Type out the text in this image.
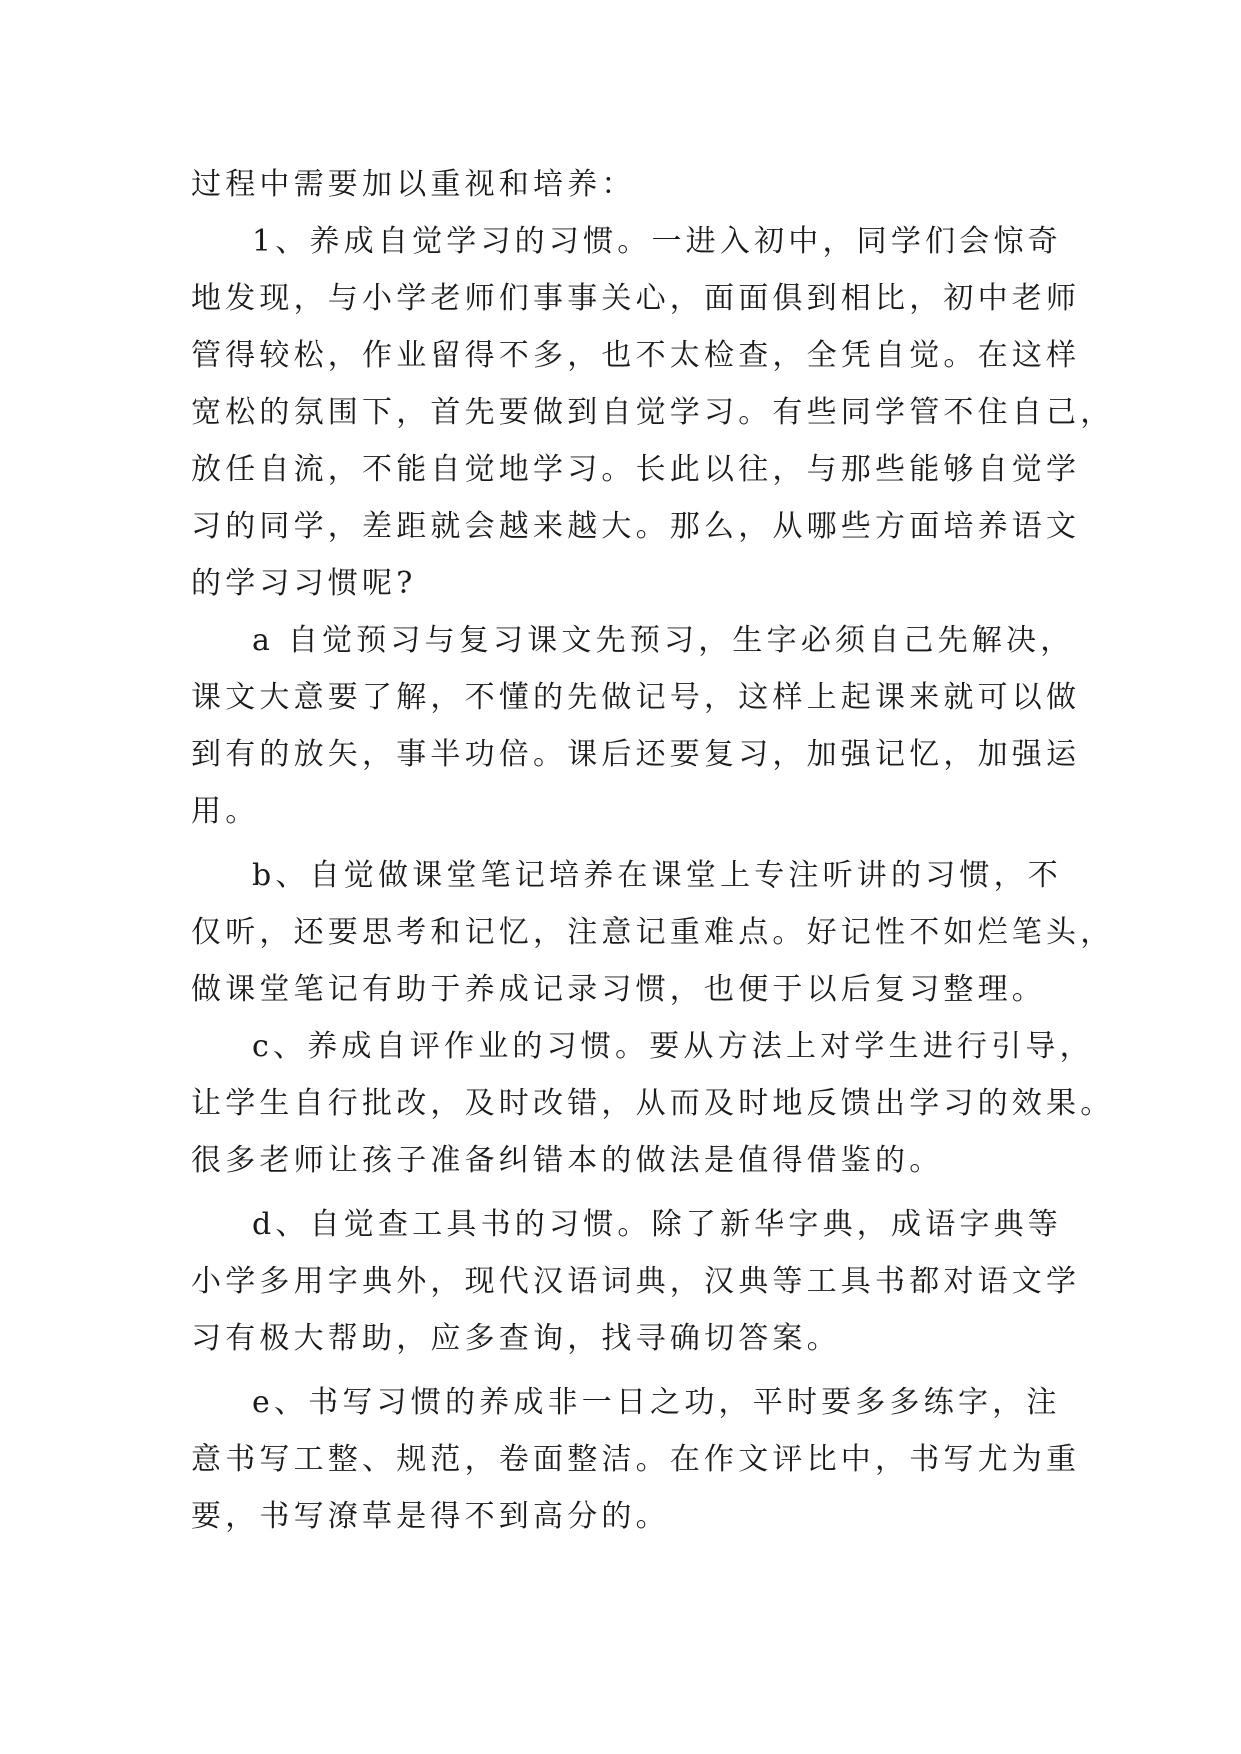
过程中需要加以重视和培养：

1、养成自觉学习的习惯。一进入初中，同学们会惊奇

地发现，与小学老师们事事关心，面面俱到相比，初中老师

管得较松，作业留得不多，也不太检查，全凭自觉。在这样

宽松的氛围下，首先要做到自觉学习。有些同学管不住自己，

放任自流，不能自觉地学习。长此以往，与那些能够自觉学

习的同学，差距就会越来越大。那么，从哪些方面培养语文

的学习习惯呢?

a 自觉预习与复习课文先预习，生字必须自己先解决，

课文大意要了解，不懂的先做记号，这样上起课来就可以做

到有的放矢，事半功倍。课后还要复习，加强记忆，加强运

用。

b、自觉做课堂笔记培养在课堂上专注听讲的习惯，不

仅听，还要思考和记忆，注意记重难点。好记性不如烂笔头，

做课堂笔记有助于养成记录习惯，也便于以后复习整理。

c、养成自评作业的习惯。要从方法上对学生进行引导，

让学生自行批改，及时改错，从而及时地反馈出学习的效果。

很多老师让孩子准备纠错本的做法是值得借鉴的。

d、自觉查工具书的习惯。除了新华字典，成语字典等

小学多用字典外，现代汉语词典，汉典等工具书都对语文学

习有极大帮助，应多查询，找寻确切答案。

e、书写习惯的养成非一日之功，平时要多多练字，注

意书写工整、规范，卷面整洁。在作文评比中，书写尤为重

要，书写潦草是得不到高分的。
